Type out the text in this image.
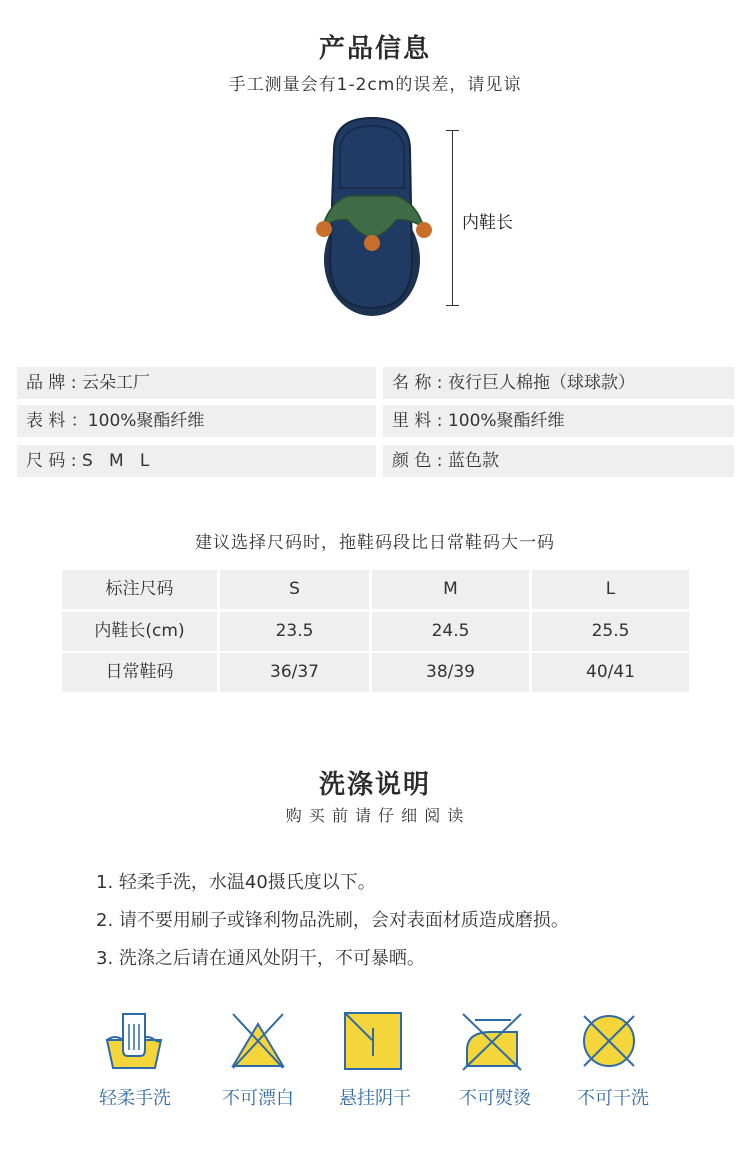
产品信息
手工测量会有1-2cm的误差，请见谅
内鞋长
品 牌 : 云朵工厂	名 称 : 夜行巨人棉拖（球球款）
表 料 ：100%聚酯纤维	里 料 : 100%聚酯纤维
尺 码 : S   M   L	颜 色 : 蓝色款
建议选择尺码时，拖鞋码段比日常鞋码大一码
标注尺码	S	M	L
内鞋长(cm)	23.5	24.5	25.5
日常鞋码	36/37	38/39	40/41
洗涤说明
购 买 前 请 仔 细 阅 读
1. 轻柔手洗，水温40摄氏度以下。
2. 请不要用刷子或锋利物品洗刷，会对表面材质造成磨损。
3. 洗涤之后请在通风处阴干，不可暴晒。
轻柔手洗	不可漂白	悬挂阴干	不可熨烫	不可干洗
